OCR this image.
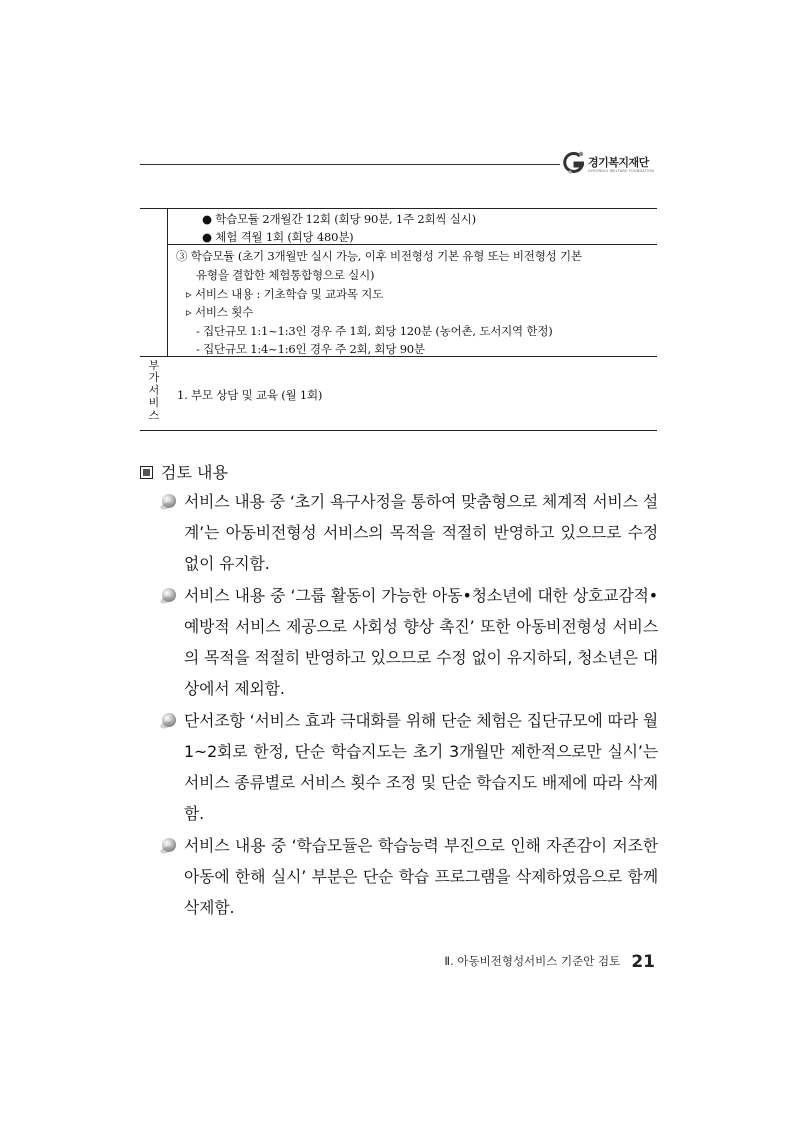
경기복지재단
GYEONGGI WELFARE FOUNDATION
● 학습모듈 2개월간 12회 (회당 90분, 1주 2회씩 실시)
● 체험 격월 1회 (회당 480분)
③ 학습모듈 (초기 3개월만 실시 가능, 이후 비전형성 기본 유형 또는 비전형성 기본
유형을 결합한 체험통합형으로 실시)
▹ 서비스 내용 : 기초학습 및 교과목 지도
▹ 서비스 횟수
- 집단규모 1:1~1:3인 경우 주 1회, 회당 120분 (농어촌, 도서지역 한정)
- 집단규모 1:4~1:6인 경우 주 2회, 회당 90분
부
가
서
비
스
1. 부모 상담 및 교육 (월 1회)
검토 내용
서비스 내용 중 ‘초기 욕구사정을 통하여 맞춤형으로 체계적 서비스 설계’는 아동비전형성 서비스의 목적을 적절히 반영하고 있으므로 수정 없이 유지함.
서비스 내용 중 ‘그룹 활동이 가능한 아동•청소년에 대한 상호교감적•예방적 서비스 제공으로 사회성 향상 촉진’ 또한 아동비전형성 서비스의 목적을 적절히 반영하고 있으므로 수정 없이 유지하되, 청소년은 대상에서 제외함.
단서조항 ‘서비스 효과 극대화를 위해 단순 체험은 집단규모에 따라 월 1~2회로 한정, 단순 학습지도는 초기 3개월만 제한적으로만 실시’는 서비스 종류별로 서비스 횟수 조정 및 단순 학습지도 배제에 따라 삭제함.
서비스 내용 중 ‘학습모듈은 학습능력 부진으로 인해 자존감이 저조한 아동에 한해 실시’ 부분은 단순 학습 프로그램을 삭제하였음으로 함께 삭제함.
Ⅱ. 아동비전형성서비스 기준안 검토 21
